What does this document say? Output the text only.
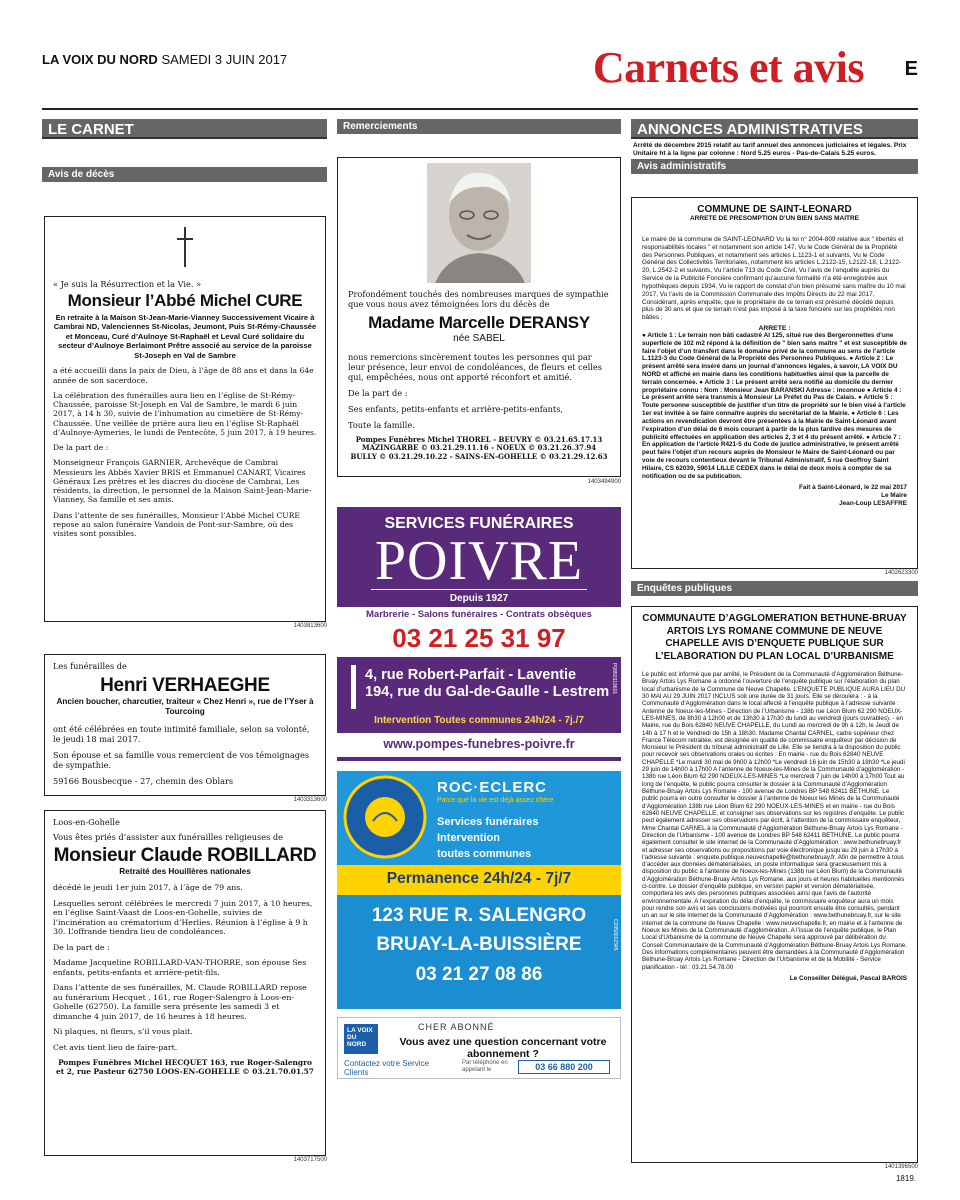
LA VOIX DU NORD SAMEDI 3 JUIN 2017	Carnets et avis E
LE CARNET
Avis de décès
« Je suis la Résurrection et la Vie. »
Monsieur l’Abbé Michel CURE
En retraite à la Maison St-Jean-Marie-Vianney Successivement Vicaire à Cambrai ND, Valenciennes St-Nicolas, Jeumont, Puis St-Rémy-Chaussée et Monceau, Curé d’Aulnoye St-Raphaël et Leval Curé solidaire du secteur d’Aulnoye Berlaimont Prêtre associé au service de la paroisse St-Joseph en Val de Sambre
a été accueilli dans la paix de Dieu, à l’âge de 88 ans et dans la 64e année de son sacerdoce.
La célébration des funérailles aura lieu en l’église de St-Rémy-Chaussée, paroisse St-Joseph en Val de Sambre, le mardi 6 juin 2017, à 14 h 30, suivie de l’inhumation au cimetière de St-Rémy-Chaussée. Une veillée de prière aura lieu en l’église St-Raphaël d’Aulnoye-Aymeries, le lundi de Pentecôte, 5 juin 2017, à 19 heures.
De la part de :
Monseigneur François GARNIER, Archevêque de Cambrai Messieurs les Abbés Xavier BRIS et Emmanuel CANART, Vicaires Généraux Les prêtres et les diacres du diocèse de Cambrai, Les résidents, la direction, le personnel de la Maison Saint-Jean-Marie-Vianney, Sa famille et ses amis.
Dans l’attente de ses funérailles, Monsieur l’Abbé Michel CURE repose au salon funéraire Vandois de Pont-sur-Sambre, où des visites sont possibles.
1403813600
Les funérailles de
Henri VERHAEGHE
Ancien boucher, charcutier, traiteur « Chez Henri », rue de l’Yser à Tourcoing
ont été célébrées en toute intimité familiale, selon sa volonté, le jeudi 18 mai 2017.
Son épouse et sa famille vous remercient de vos témoignages de sympathie.
59166 Bousbecque - 27, chemin des Oblars
1403313600
Loos-en-Gohelle
Vous êtes priés d’assister aux funérailles religieuses de
Monsieur Claude ROBILLARD
Retraité des Houillères nationales
décédé le jeudi 1er juin 2017, à l’âge de 79 ans.
Lesquelles seront célébrées le mercredi 7 juin 2017, à 10 heures, en l’église Saint-Vaast de Loos-en-Gohelle, suivies de l’incinération au crématorium d’Herlies. Réunion à l’église à 9 h 30. L’offrande tiendra lieu de condoléances.
De la part de :
Madame Jacqueline ROBILLARD-VAN-THORRE, son épouse Ses enfants, petits-enfants et arrière-petit-fils.
Dans l’attente de ses funérailles, M. Claude ROBILLARD repose au funérarium Hecquet , 161, rue Roger-Salengro à Loos-en-Gohelle (62750). La famille sera présente les samedi 3 et dimanche 4 juin 2017, de 16 heures à 18 heures.
Ni plaques, ni fleurs, s’il vous plait.
Cet avis tient lieu de faire-part.
Pompes Funèbres Michel HECQUET 163, rue Roger-Salengro et 2, rue Pasteur 62750 LOOS-EN-GOHELLE © 03.21.70.01.57
1403717500
Remerciements
Profondément touchés des nombreuses marques de sympathie que vous nous avez témoignées lors du décès de
Madame Marcelle DERANSY
née SABEL
nous remercions sincèrement toutes les personnes qui par leur présence, leur envoi de condoléances, de fleurs et celles qui, empêchées, nous ont apporté réconfort et amitié.
De la part de :
Ses enfants, petits-enfants et arrière-petits-enfants,
Toute la famille.
Pompes Funèbres Michel THOREL - BEUVRY © 03.21.65.17.13 MAZINGARBE © 03.21.29.11.16 - NOEUX © 03.21.26.37.94 BULLY © 03.21.29.10.22 - SAINS-EN-GOHELLE © 03.21.29.12.63
1403494900
SERVICES FUNÉRAIRES
POIVRE
Depuis 1927
Marbrerie - Salons funéraires - Contrats obsèques
03 21 25 31 97
4, rue Robert-Parfait - Laventie
194, rue du Gal-de-Gaulle - Lestrem P0850319601
Intervention Toutes communes 24h/24 - 7j./7
www.pompes-funebres-poivre.fr
ROC·ECLERC
Parce que la vie est déjà assez chère
Services funéraires
Intervention
toutes communes
Permanence 24h/24 - 7j/7
123 RUE R. SALENGRO
BRUAY-LA-BUISSIÈRE
03 21 27 08 86
C0350012345
LA VOIX DU NORD
CHER ABONNÉ
Vous avez une question concernant votre abonnement ?
Contactez votre Service Clients
Par téléphone en appelant le	03 66 880 200
ANNONCES ADMINISTRATIVES
Arrêté de décembre 2015 relatif au tarif annuel des annonces judiciaires et légales. Prix Unitaire ht à la ligne par colonne : Nord 5.25 euros - Pas-de-Calais 5.25 euros.
Avis administratifs
COMMUNE DE SAINT-LEONARD
ARRETE DE PRESOMPTION D’UN BIEN SANS MAITRE
Le maire de la commune de SAINT-LEONARD Vu la loi n° 2004-809 relative aux " libertés et responsabilités locales " et notamment son article 147, Vu le Code Général de la Propriété des Personnes Publiques, et notamment ses articles L.1123-1 et suivants, Vu le Code Général des Collectivités Territoriales, notamment les articles L.2122-15, L2122-18, L.2122-20, L.2542-2 et suivants, Vu l’article 713 du Code Civil, Vu l’avis de l’enquête auprès du Service de la Publicité Foncière confirmant qu’aucune formalité n’a été enregistrée aux hypothèques depuis 1934, Vu le rapport de constat d’un bien présumé sans maître du 10 mai 2017, Vu l’avis de la Commission Communale des Impôts Directs du 22 mai 2017, Considérant, après enquête, que le propriétaire de ce terrain est présumé décédé depuis plus de 30 ans et que ce terrain n’est pas imposé à la taxe foncière sur les propriétés non bâties ;
ARRETE :
● Article 1 : Le terrain non bâti cadastré AI 125, situé rue des Bergeronnettes d’une superficie de 102 m2 répond à la définition de " bien sans maître " et est susceptible de faire l’objet d’un transfert dans le domaine privé de la commune au sens de l’article L.1123-3 du Code Général de la Propriété des Personnes Publiques. ● Article 2 : Le présent arrêté sera inséré dans un journal d’annonces légales, à savoir, LA VOIX DU NORD et affiché en mairie dans les conditions habituelles ainsi que la parcelle de terrain concernée. ● Article 3 : Le présent arrêté sera notifié au domicile du dernier propriétaire connu : Nom : Monsieur Jean BARANSKI Adresse : inconnue ● Article 4 : Le présent arrêté sera transmis à Monsieur Le Préfet du Pas de Calais. ● Article 5 : Toute personne susceptible de justifier d’un titre de propriété sur le bien visé à l’article 1er est invitée à se faire connaître auprès du secrétariat de la Mairie. ● Article 6 : Les actions en revendication devront être présentées à la Mairie de Saint-Léonard avant l’expiration d’un délai de 6 mois courant à partir de la plus tardive des mesures de publicité effectuées en application des articles 2, 3 et 4 du présent arrêté. ● Article 7 : En application de l’article R421-5 du Code de justice administrative, le présent arrêté peut faire l’objet d’un recours auprès de Monsieur le Maire de Saint-Léonard ou par voie de recours contentieux devant le Tribunal Administratif, 5 rue Geoffroy Saint Hilaire, CS 62039, 59014 LILLE CEDEX dans le délai de deux mois à compter de sa notification ou de sa publication.
Fait à Saint-Léonard, le 22 mai 2017
Le Maire
Jean-Loup LESAFFRE
1402623300
Enquêtes publiques
COMMUNAUTE D’AGGLOMERATION BETHUNE-BRUAY ARTOIS LYS ROMANE COMMUNE DE NEUVE CHAPELLE AVIS D’ENQUETE PUBLIQUE SUR L’ELABORATION DU PLAN LOCAL D’URBANISME
Le public est informé que par arrêté, le Président de la Communauté d’Agglomération Béthune-Bruay Artois Lys Romane a ordonné l’ouverture de l’enquête publique sur l’élaboration du plan local d’urbanisme de la Commune de Neuve Chapelle. L’ENQUETE PUBLIQUE AURA LIEU DU 30 MAI AU 29 JUIN 2017 INCLUS soit une durée de 31 jours. Elle se déroulera : - à la Communauté d’Agglomération dans le local affecté à l’enquête publique à l’adresse suivante : Antenne de Noeux-les-Mines - Direction de l’Urbanisme - 138b rue Léon Blum 62 290 NOEUX-LES-MINES, de 8h30 à 12h00 et de 13h30 à 17h30 du lundi au vendredi (jours ouvrables). - en Mairie, rue du Bois 62840 NEUVE CHAPELLE, du Lundi au mercredi de 9h à 12h, le Jeudi de 14h à 17 h et le Vendredi de 15h à 18h30. Madame Chantal CARNEL, cadre supérieur chez France Télécom retraitée, est désignée en qualité de commissaire enquêteur par décision de Monsieur le Président du tribunal administratif de Lille. Elle se tiendra à la disposition du public pour recevoir ses observations orales ou écrites : En mairie - rue du Bois 62840 NEUVE CHAPELLE *Le mardi 30 mai de 9h00 à 12h00 *Le vendredi 16 juin de 15h30 à 18h30 *Le jeudi 29 juin de 14h00 à 17h00 A l’antenne de Noeux-les-Mines de la Communauté d’agglomération - 138b rue Léon Blum 62 290 NOEUX-LES-MINES *Le mercredi 7 juin de 14h00 à 17h00 Tout au long de l’enquête, le public pourra consulter le dossier à la Communauté d’Agglomération Béthune-Bruay Artois Lys Romane - 100 avenue de Londres BP 548 62411 BETHUNE. Le public pourra en outre consulter le dossier à l’antenne de Noeux les Mines de la Communauté d’Agglomération 138b rue Léon Blum 62 290 NOEUX-LES-MINES et en mairie - rue du Bois 62840 NEUVE CHAPELLE, et consigner ses observations sur les registres d’enquête. Le public peut également adresser ses observations par écrit, à l’attention de la commissaire enquêteur, Mme Chantal CARNEL à la Communauté d’Agglomération Béthune-Bruay Artois Lys Romane - Direction de l’Urbanisme - 100 avenue de Londres BP 548 62411 BETHUNE. Le public pourra également consulter le site internet de la Communauté d’Agglomération : www.bethunebruay.fr et adresser ses observations ou propositions par voie électronique jusqu’au 29 juin à 17h30 à l’adresse suivante : enquete.publique.neuvechapelle@bethunebruay.fr. Afin de permettre à tous d’accéder aux données dématérialisées, un poste informatique sera gracieusement mis à disposition du public à l’antenne de Noeux-les-Mines (138b rue Léon Blum) de la Communauté d’Agglomération Béthune-Bruay Artois Lys Romane, aux jours et heures habituelles mentionnés ci-contre. Le dossier d’enquête publique, en version papier et version dématérialisée, comportera les avis des personnes publiques associées ainsi que l’avis de l’autorité environnementale. A l’expiration du délai d’enquête, le commissaire enquêteur aura un mois pour rendre son avis et ses conclusions motivées qui pourront ensuite être consultés, pendant un an sur le site internet de la Communauté d’Agglomération : www.bethunebruay.fr, sur le site internet de la commune de Neuve Chapelle : www.neuvechapelle.fr, en mairie et à l’antenne de Noeux les Mines de la Communauté d’agglomération. A l’issue de l’enquête publique, le Plan Local d’Urbanisme de la commune de Neuve Chapelle sera approuvé par délibération du Conseil Communautaire de la Communauté d’Agglomération Béthune-Bruay Artois Lys Romane. Des informations complémentaires peuvent être demandées à la Communauté d’Agglomération Béthune-Bruay Artois Lys Romane - Direction de l’Urbanisme et de la Mobilité - Service planification - tél : 03.21.54.78.00
Le Conseiller Délégué, Pascal BAROIS
1401396500
1819.
